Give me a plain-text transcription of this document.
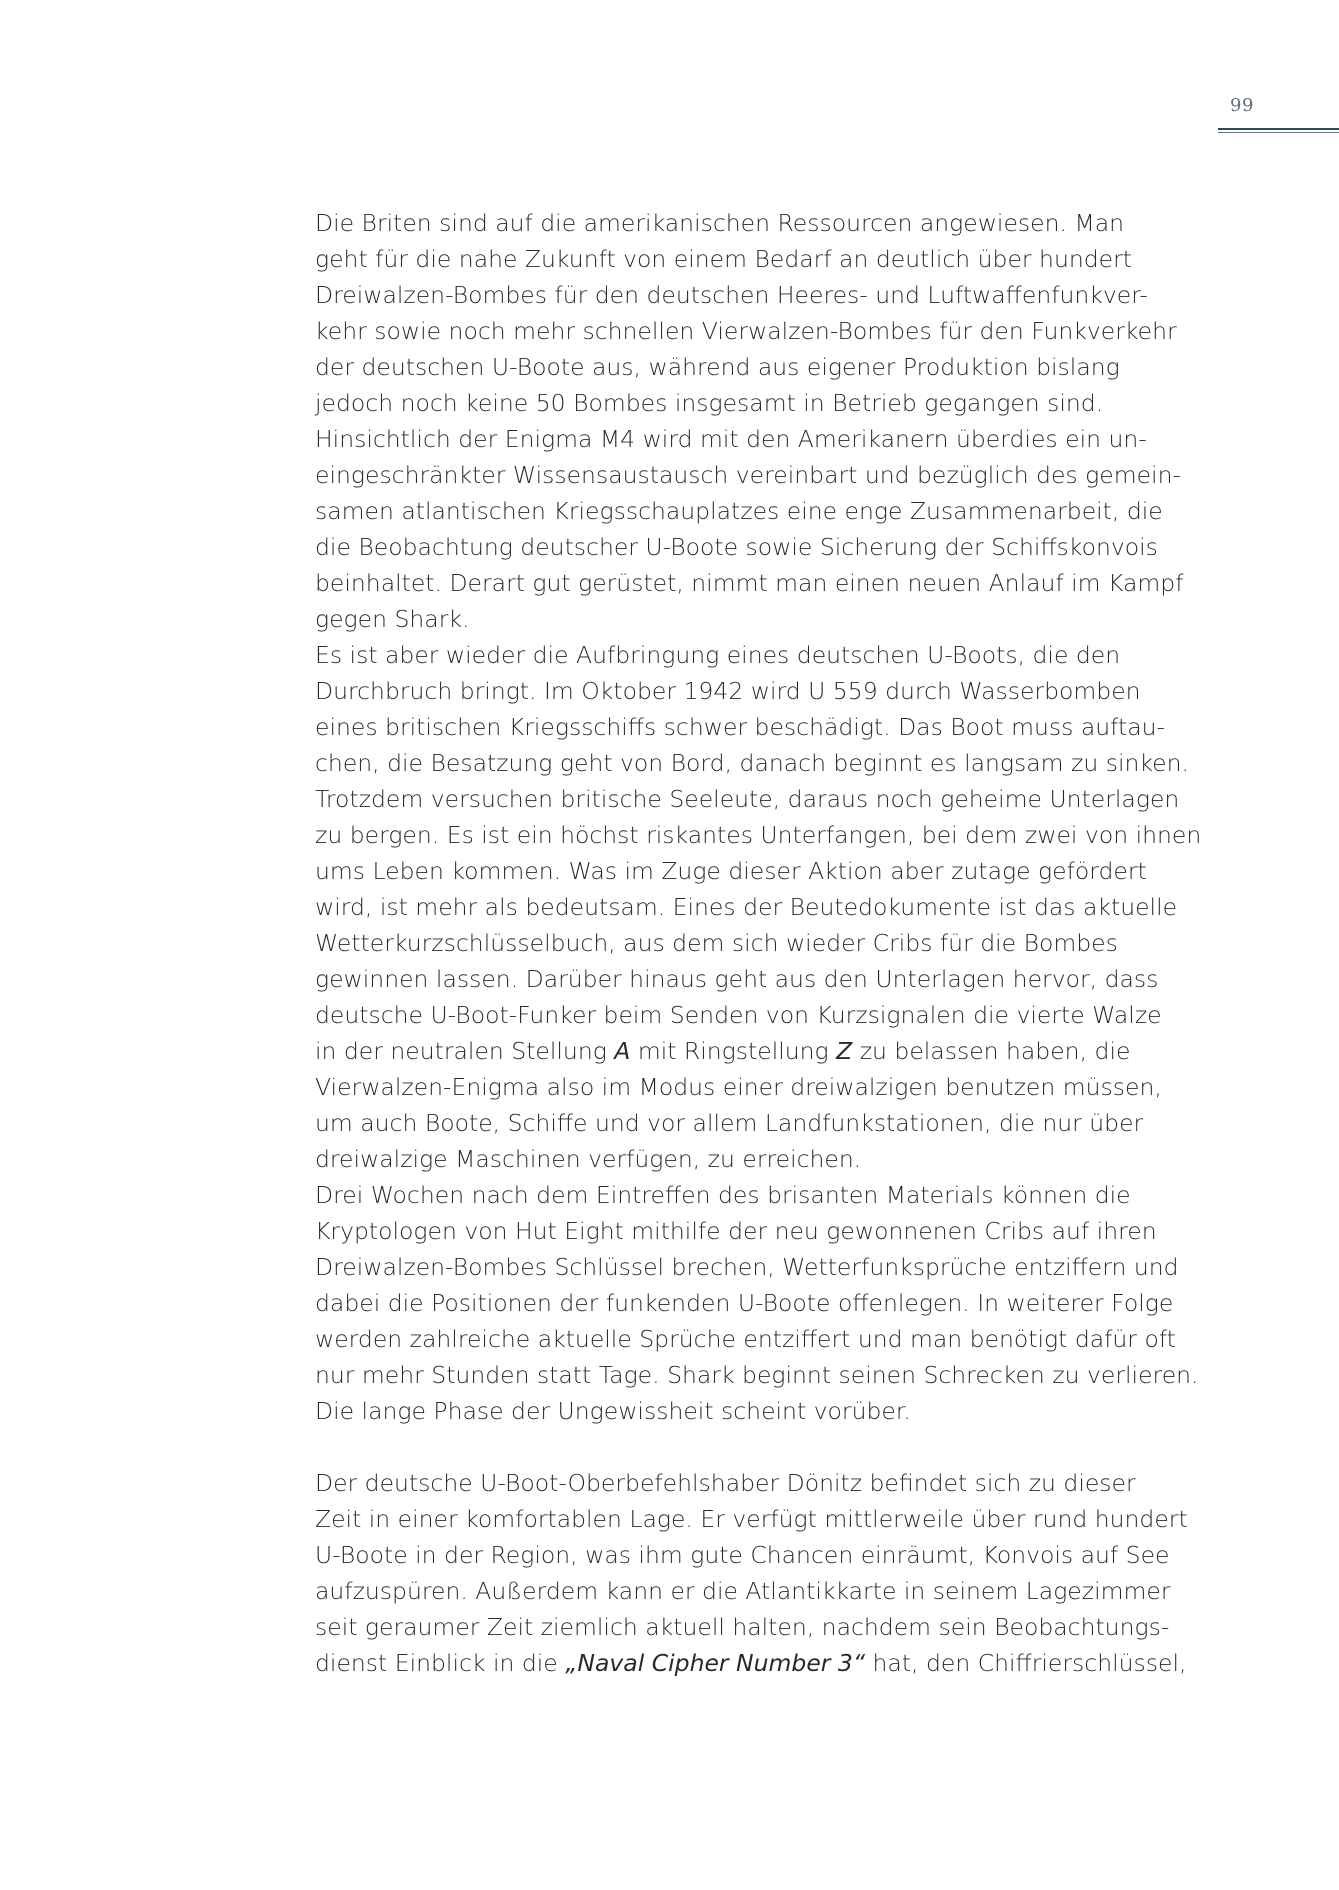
99
Die Briten sind auf die amerikanischen Ressourcen angewiesen. Man
geht für die nahe Zukunft von einem Bedarf an deutlich über hundert
Dreiwalzen-Bombes für den deutschen Heeres- und Luftwaffenfunkver-
kehr sowie noch mehr schnellen Vierwalzen-Bombes für den Funkverkehr
der deutschen U-Boote aus, während aus eigener Produktion bislang
jedoch noch keine 50 Bombes insgesamt in Betrieb gegangen sind.
Hinsichtlich der Enigma M4 wird mit den Amerikanern überdies ein un-
eingeschränkter Wissensaustausch vereinbart und bezüglich des gemein-
samen atlantischen Kriegsschauplatzes eine enge Zusammenarbeit, die
die Beobachtung deutscher U-Boote sowie Sicherung der Schiffskonvois
beinhaltet. Derart gut gerüstet, nimmt man einen neuen Anlauf im Kampf
gegen Shark.
Es ist aber wieder die Aufbringung eines deutschen U-Boots, die den
Durchbruch bringt. Im Oktober 1942 wird U 559 durch Wasserbomben
eines britischen Kriegsschiffs schwer beschädigt. Das Boot muss auftau-
chen, die Besatzung geht von Bord, danach beginnt es langsam zu sinken.
Trotzdem versuchen britische Seeleute, daraus noch geheime Unterlagen
zu bergen. Es ist ein höchst riskantes Unterfangen, bei dem zwei von ihnen
ums Leben kommen. Was im Zuge dieser Aktion aber zutage gefördert
wird, ist mehr als bedeutsam. Eines der Beutedokumente ist das aktuelle
Wetterkurzschlüsselbuch, aus dem sich wieder Cribs für die Bombes
gewinnen lassen. Darüber hinaus geht aus den Unterlagen hervor, dass
deutsche U-Boot-Funker beim Senden von Kurzsignalen die vierte Walze
in der neutralen Stellung A mit Ringstellung Z zu belassen haben, die
Vierwalzen-Enigma also im Modus einer dreiwalzigen benutzen müssen,
um auch Boote, Schiffe und vor allem Landfunkstationen, die nur über
dreiwalzige Maschinen verfügen, zu erreichen.
Drei Wochen nach dem Eintreffen des brisanten Materials können die
Kryptologen von Hut Eight mithilfe der neu gewonnenen Cribs auf ihren
Dreiwalzen-Bombes Schlüssel brechen, Wetterfunksprüche entziffern und
dabei die Positionen der funkenden U-Boote offenlegen. In weiterer Folge
werden zahlreiche aktuelle Sprüche entziffert und man benötigt dafür oft
nur mehr Stunden statt Tage. Shark beginnt seinen Schrecken zu verlieren.
Die lange Phase der Ungewissheit scheint vorüber.
Der deutsche U-Boot-Oberbefehlshaber Dönitz befindet sich zu dieser
Zeit in einer komfortablen Lage. Er verfügt mittlerweile über rund hundert
U-Boote in der Region, was ihm gute Chancen einräumt, Konvois auf See
aufzuspüren. Außerdem kann er die Atlantikkarte in seinem Lagezimmer
seit geraumer Zeit ziemlich aktuell halten, nachdem sein Beobachtungs-
dienst Einblick in die „Naval Cipher Number 3“ hat, den Chiffrierschlüssel,
